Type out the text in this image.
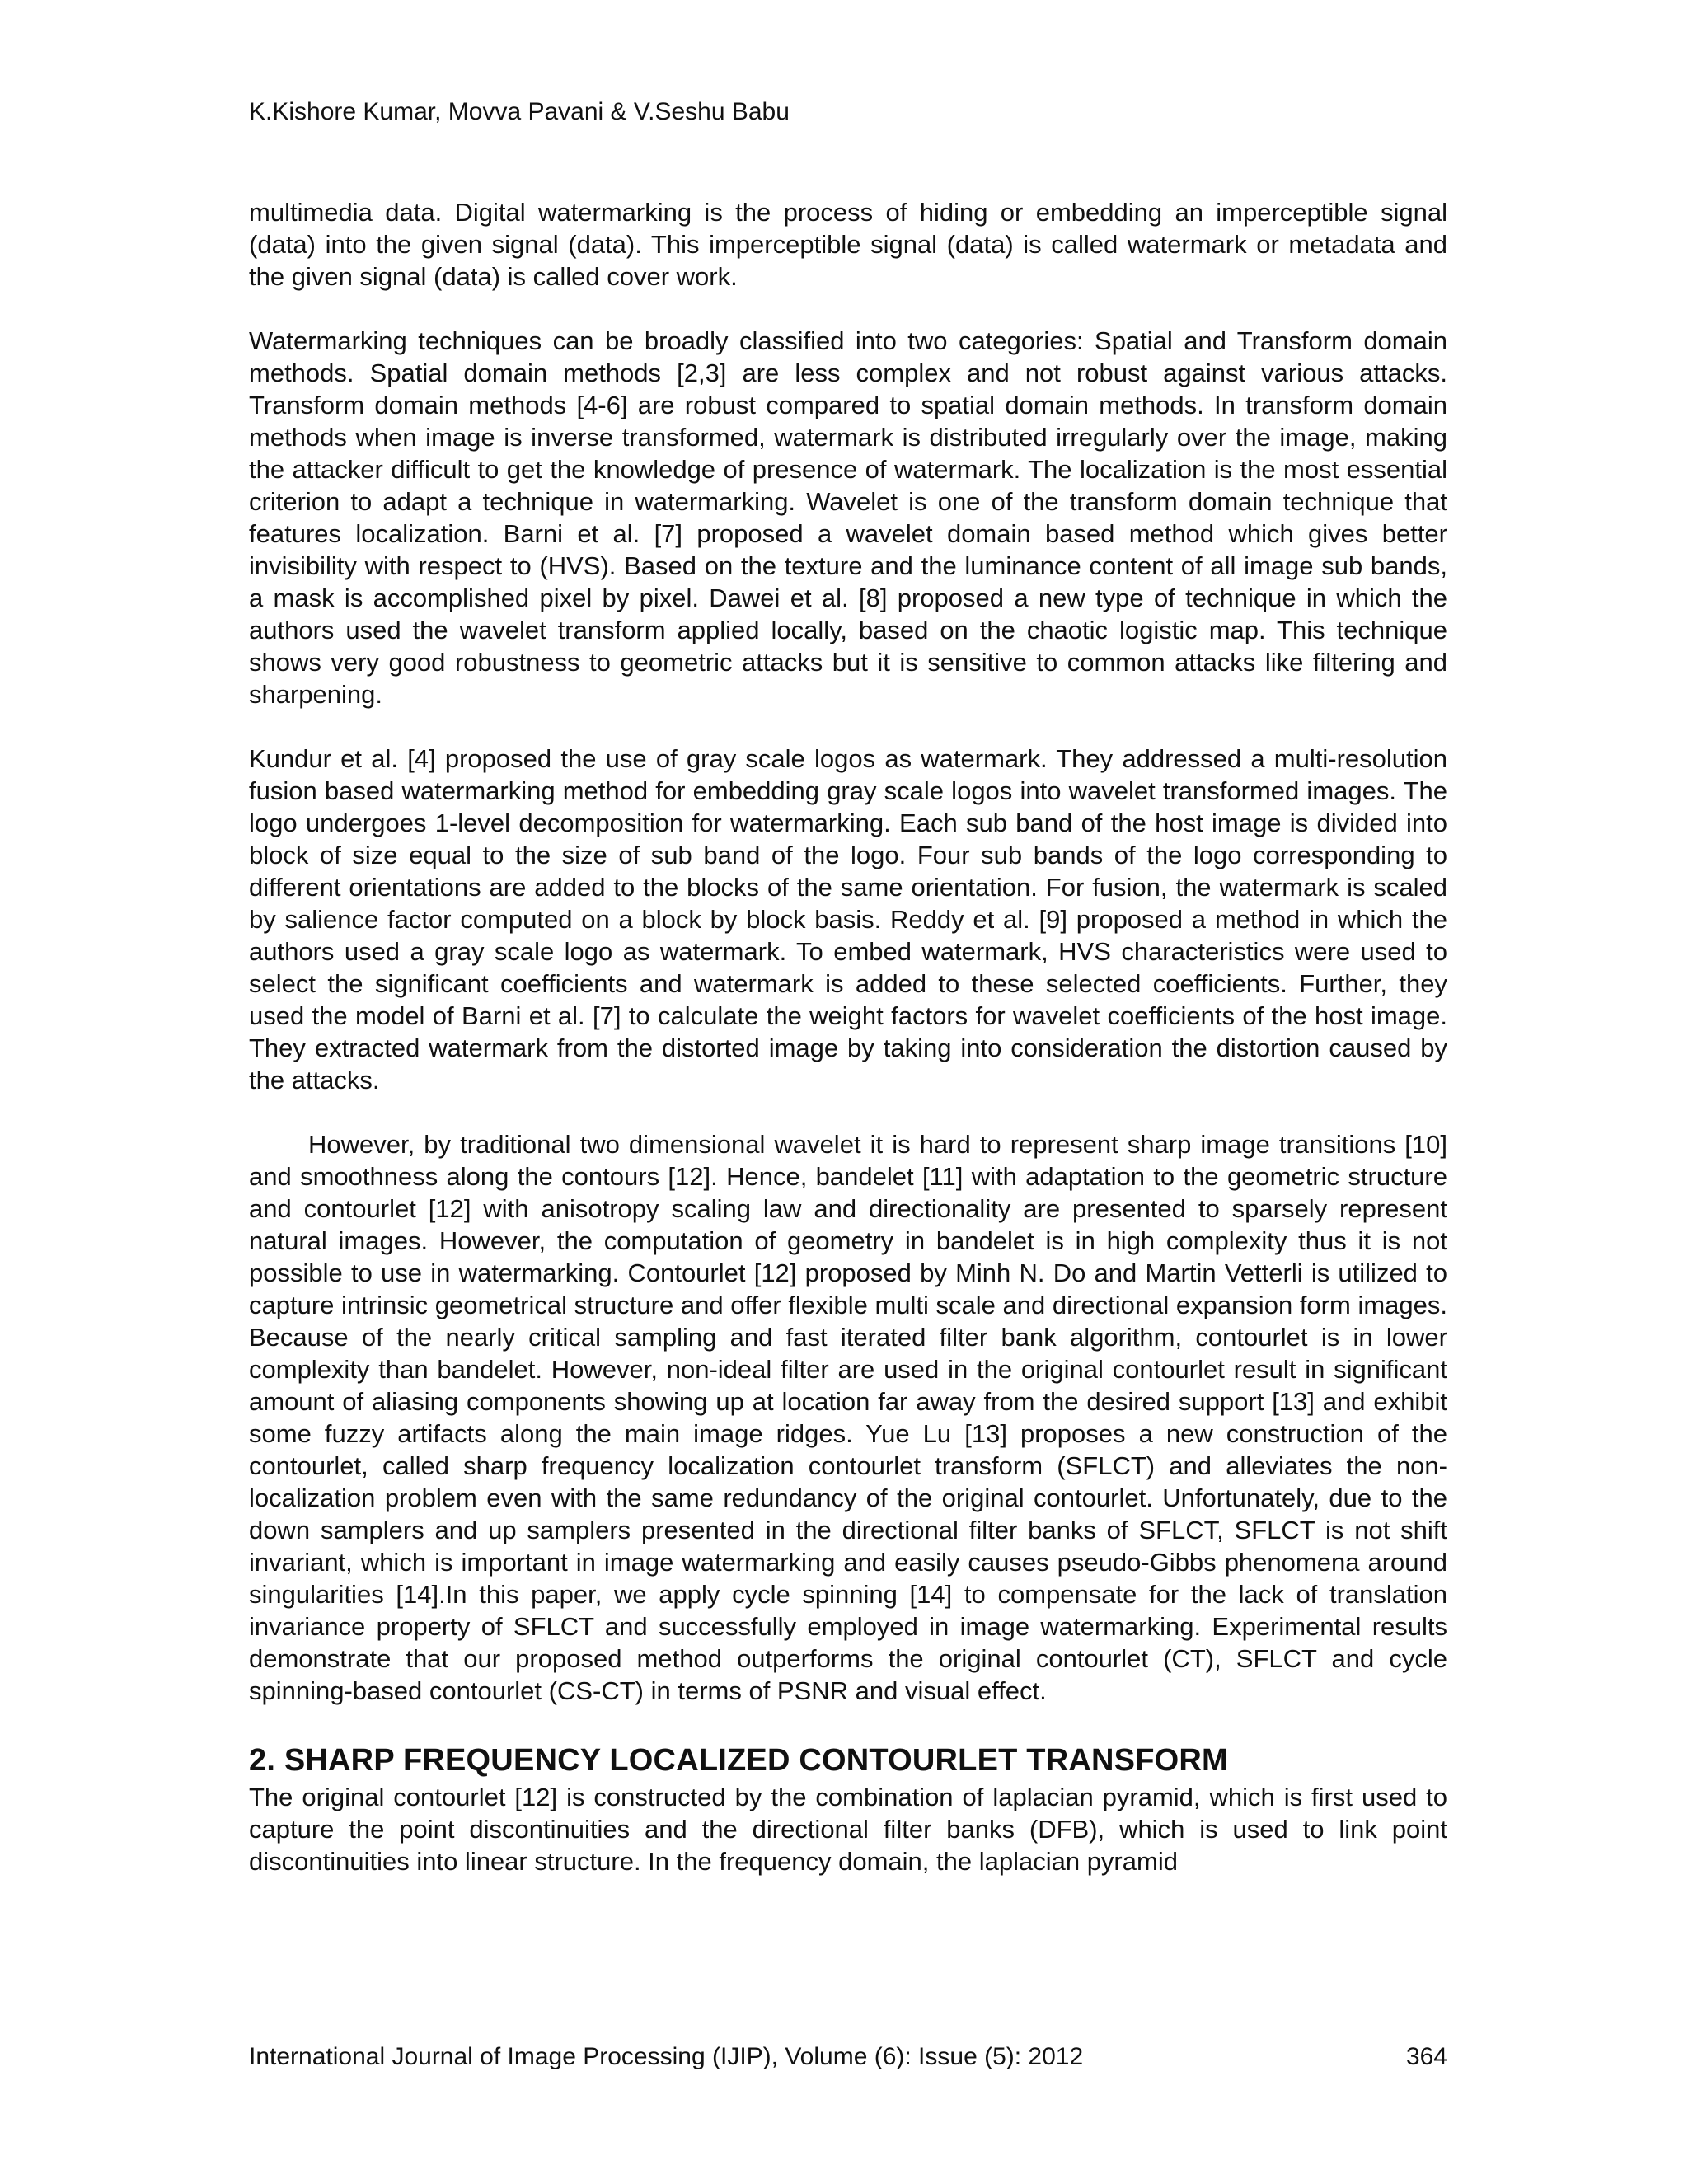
K.Kishore Kumar, Movva Pavani & V.Seshu Babu

multimedia data. Digital watermarking is the process of hiding or embedding an imperceptible signal (data) into the given signal (data). This imperceptible signal (data) is called watermark or metadata and the given signal (data) is called cover work.

Watermarking techniques can be broadly classified into two categories: Spatial and Transform domain methods. Spatial domain methods [2,3] are less complex and not robust against various attacks. Transform domain methods [4-6] are robust compared to spatial domain methods. In transform domain methods when image is inverse transformed, watermark is distributed irregularly over the image, making the attacker difficult to get the knowledge of presence of watermark. The localization is the most essential criterion to adapt a technique in watermarking. Wavelet is one of the transform domain technique that features localization. Barni et al. [7] proposed a wavelet domain based method which gives better invisibility with respect to (HVS). Based on the texture and the luminance content of all image sub bands, a mask is accomplished pixel by pixel. Dawei et al. [8] proposed a new type of technique in which the authors used the wavelet transform applied locally, based on the chaotic logistic map. This technique shows very good robustness to geometric attacks but it is sensitive to common attacks like filtering and sharpening.

Kundur et al. [4] proposed the use of gray scale logos as watermark. They addressed a multi-resolution fusion based watermarking method for embedding gray scale logos into wavelet transformed images. The logo undergoes 1-level decomposition for watermarking. Each sub band of the host image is divided into block of size equal to the size of sub band of the logo. Four sub bands of the logo corresponding to different orientations are added to the blocks of the same orientation. For fusion, the watermark is scaled by salience factor computed on a block by block basis. Reddy et al. [9] proposed a method in which the authors used a gray scale logo as watermark. To embed watermark, HVS characteristics were used to select the significant coefficients and watermark is added to these selected coefficients. Further, they used the model of Barni et al. [7] to calculate the weight factors for wavelet coefficients of the host image. They extracted watermark from the distorted image by taking into consideration the distortion caused by the attacks.

However, by traditional two dimensional wavelet it is hard to represent sharp image transitions [10] and smoothness along the contours [12]. Hence, bandelet [11] with adaptation to the geometric structure and contourlet [12] with anisotropy scaling law and directionality are presented to sparsely represent natural images. However, the computation of geometry in bandelet is in high complexity thus it is not possible to use in watermarking. Contourlet [12] proposed by Minh N. Do and Martin Vetterli is utilized to capture intrinsic geometrical structure and offer flexible multi scale and directional expansion form images. Because of the nearly critical sampling and fast iterated filter bank algorithm, contourlet is in lower complexity than bandelet. However, non-ideal filter are used in the original contourlet result in significant amount of aliasing components showing up at location far away from the desired support [13] and exhibit some fuzzy artifacts along the main image ridges. Yue Lu [13] proposes a new construction of the contourlet, called sharp frequency localization contourlet transform (SFLCT) and alleviates the non-localization problem even with the same redundancy of the original contourlet. Unfortunately, due to the down samplers and up samplers presented in the directional filter banks of SFLCT, SFLCT is not shift invariant, which is important in image watermarking and easily causes pseudo-Gibbs phenomena around singularities [14].In this paper, we apply cycle spinning [14] to compensate for the lack of translation invariance property of SFLCT and successfully employed in image watermarking. Experimental results demonstrate that our proposed method outperforms the original contourlet (CT), SFLCT and cycle spinning-based contourlet (CS-CT) in terms of PSNR and visual effect.

2. SHARP FREQUENCY LOCALIZED CONTOURLET TRANSFORM

The original contourlet [12] is constructed by the combination of laplacian pyramid, which is first used to capture the point discontinuities and the directional filter banks (DFB), which is used to link point discontinuities into linear structure. In the frequency domain, the laplacian pyramid

International Journal of Image Processing (IJIP), Volume (6): Issue (5): 2012	364
